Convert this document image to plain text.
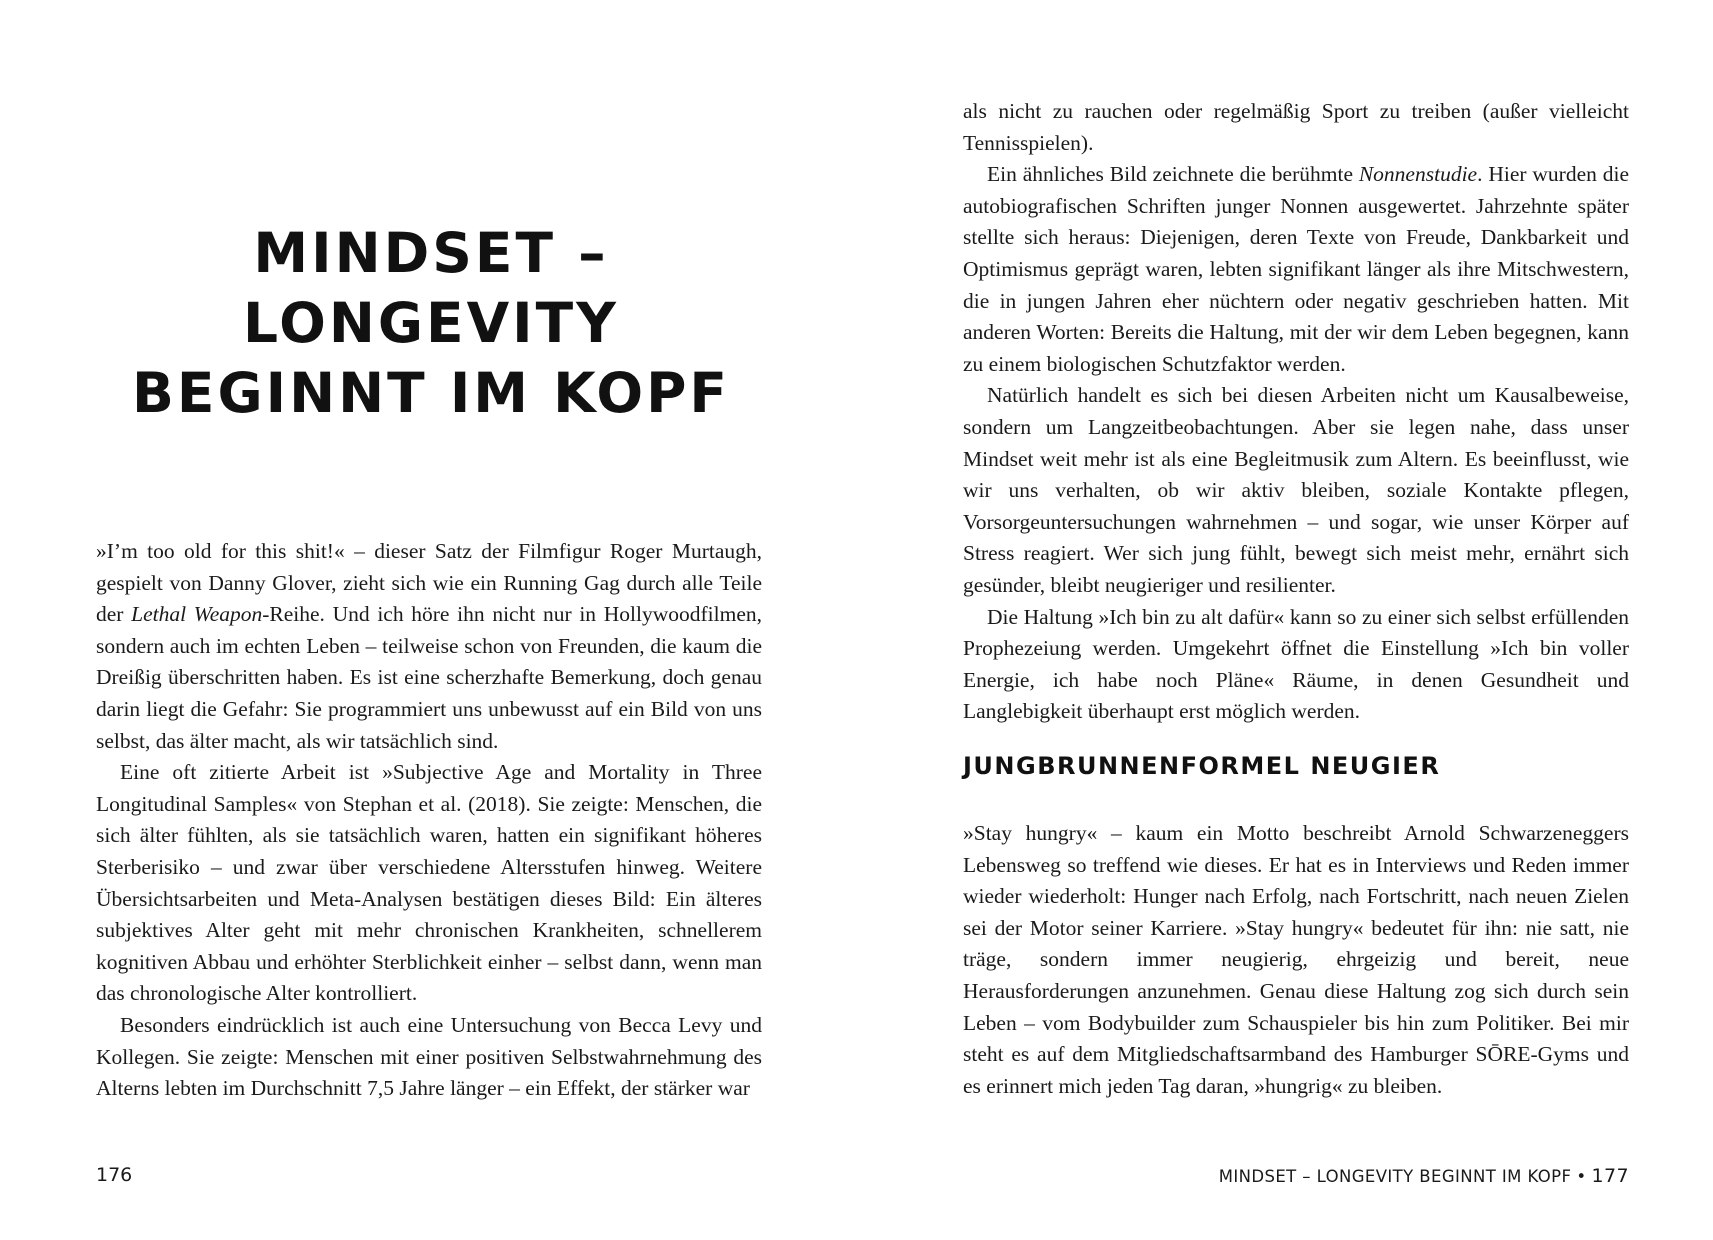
MINDSET –
LONGEVITY
BEGINNT IM KOPF

»I’m too old for this shit!« – dieser Satz der Filmfigur Roger Murtaugh, gespielt von Danny Glover, zieht sich wie ein Running Gag durch alle Teile der Lethal Weapon-Reihe. Und ich höre ihn nicht nur in Hollywoodfilmen, sondern auch im echten Leben – teilweise schon von Freunden, die kaum die Dreißig überschritten haben. Es ist eine scherzhafte Bemerkung, doch genau darin liegt die Gefahr: Sie programmiert uns unbewusst auf ein Bild von uns selbst, das älter macht, als wir tatsächlich sind.

Eine oft zitierte Arbeit ist »Subjective Age and Mortality in Three Longitudinal Samples« von Stephan et al. (2018). Sie zeigte: Menschen, die sich älter fühlten, als sie tatsächlich waren, hatten ein signifikant höheres Sterberisiko – und zwar über verschiedene Altersstufen hinweg. Weitere Übersichtsarbeiten und Meta-Analysen bestätigen dieses Bild: Ein älteres subjektives Alter geht mit mehr chronischen Krankheiten, schnellerem kognitiven Abbau und erhöhter Sterblichkeit einher – selbst dann, wenn man das chronologische Alter kontrolliert.

Besonders eindrücklich ist auch eine Untersuchung von Becca Levy und Kollegen. Sie zeigte: Menschen mit einer positiven Selbstwahrnehmung des Alterns lebten im Durchschnitt 7,5 Jahre länger – ein Effekt, der stärker war

176

als nicht zu rauchen oder regelmäßig Sport zu treiben (außer vielleicht Tennisspielen).

Ein ähnliches Bild zeichnete die berühmte Nonnenstudie. Hier wurden die autobiografischen Schriften junger Nonnen ausgewertet. Jahrzehnte später stellte sich heraus: Diejenigen, deren Texte von Freude, Dankbarkeit und Optimismus geprägt waren, lebten signifikant länger als ihre Mitschwestern, die in jungen Jahren eher nüchtern oder negativ geschrieben hatten. Mit anderen Worten: Bereits die Haltung, mit der wir dem Leben begegnen, kann zu einem biologischen Schutzfaktor werden.

Natürlich handelt es sich bei diesen Arbeiten nicht um Kausalbeweise, sondern um Langzeitbeobachtungen. Aber sie legen nahe, dass unser Mindset weit mehr ist als eine Begleitmusik zum Altern. Es beeinflusst, wie wir uns verhalten, ob wir aktiv bleiben, soziale Kontakte pflegen, Vorsorgeuntersuchungen wahrnehmen – und sogar, wie unser Körper auf Stress reagiert. Wer sich jung fühlt, bewegt sich meist mehr, ernährt sich gesünder, bleibt neugieriger und resilienter.

Die Haltung »Ich bin zu alt dafür« kann so zu einer sich selbst erfüllenden Prophezeiung werden. Umgekehrt öffnet die Einstellung »Ich bin voller Energie, ich habe noch Pläne« Räume, in denen Gesundheit und Langlebigkeit überhaupt erst möglich werden.

JUNGBRUNNENFORMEL NEUGIER

»Stay hungry« – kaum ein Motto beschreibt Arnold Schwarzeneggers Lebensweg so treffend wie dieses. Er hat es in Interviews und Reden immer wieder wiederholt: Hunger nach Erfolg, nach Fortschritt, nach neuen Zielen sei der Motor seiner Karriere. »Stay hungry« bedeutet für ihn: nie satt, nie träge, sondern immer neugierig, ehrgeizig und bereit, neue Herausforderungen anzunehmen. Genau diese Haltung zog sich durch sein Leben – vom Bodybuilder zum Schauspieler bis hin zum Politiker. Bei mir steht es auf dem Mitgliedschaftsarmband des Hamburger SŌRE-Gyms und es erinnert mich jeden Tag daran, »hungrig« zu bleiben.

MINDSET – LONGEVITY BEGINNT IM KOPF • 177
